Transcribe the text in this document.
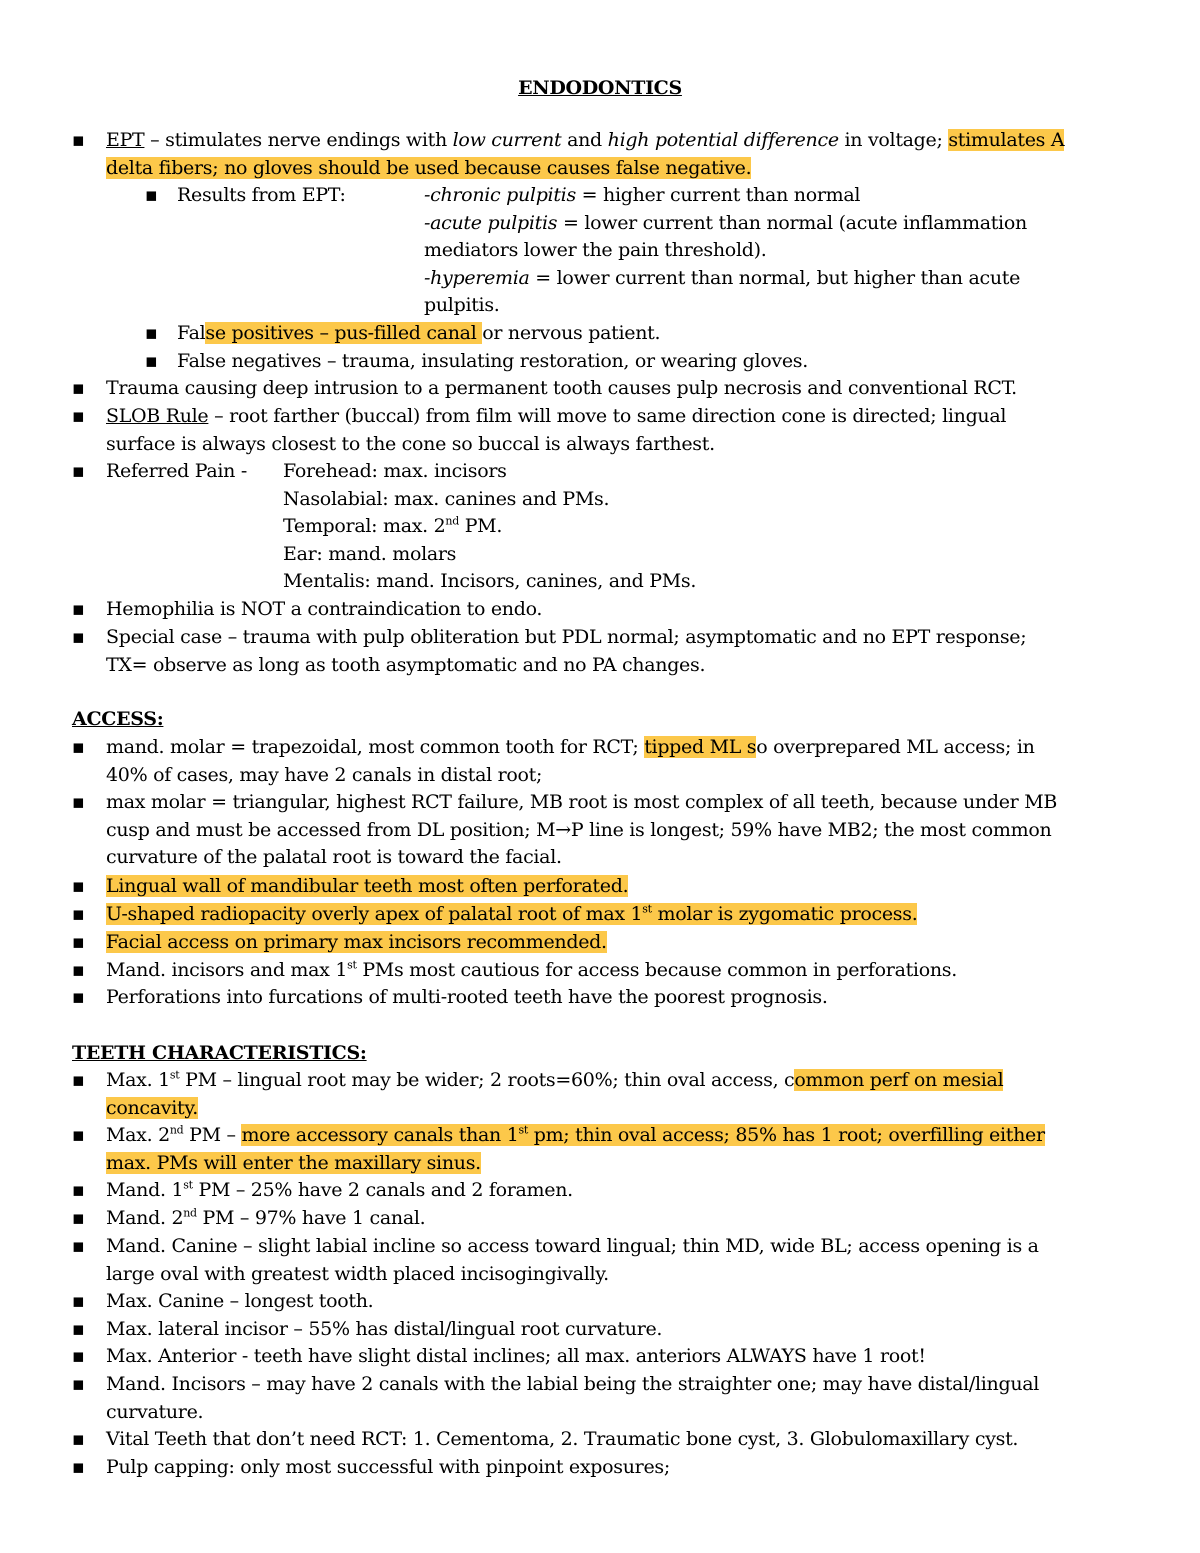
ENDODONTICS
▪	EPT – stimulates nerve endings with low current and high potential difference in voltage; stimulates A
delta fibers; no gloves should be used because causes false negative.
▪ Results from EPT:	-chronic pulpitis = higher current than normal
-acute pulpitis = lower current than normal (acute inflammation
mediators lower the pain threshold).
-hyperemia = lower current than normal, but higher than acute
pulpitis.
▪ False positives – pus-filled canal or nervous patient.
▪ False negatives – trauma, insulating restoration, or wearing gloves.
▪	Trauma causing deep intrusion to a permanent tooth causes pulp necrosis and conventional RCT.
▪	SLOB Rule – root farther (buccal) from film will move to same direction cone is directed; lingual
surface is always closest to the cone so buccal is always farthest.
▪	Referred Pain - Forehead: max. incisors
Nasolabial: max. canines and PMs.
Temporal: max. 2nd PM.
Ear: mand. molars
Mentalis: mand. Incisors, canines, and PMs.
▪	Hemophilia is NOT a contraindication to endo.
▪	Special case – trauma with pulp obliteration but PDL normal; asymptomatic and no EPT response;
TX= observe as long as tooth asymptomatic and no PA changes.
ACCESS:
▪	mand. molar = trapezoidal, most common tooth for RCT; tipped ML so overprepared ML access; in
40% of cases, may have 2 canals in distal root;
▪	max molar = triangular, highest RCT failure, MB root is most complex of all teeth, because under MB
cusp and must be accessed from DL position; M→P line is longest; 59% have MB2; the most common
curvature of the palatal root is toward the facial.
▪	Lingual wall of mandibular teeth most often perforated.
▪	U-shaped radiopacity overly apex of palatal root of max 1st molar is zygomatic process.
▪	Facial access on primary max incisors recommended.
▪	Mand. incisors and max 1st PMs most cautious for access because common in perforations.
▪	Perforations into furcations of multi-rooted teeth have the poorest prognosis.
TEETH CHARACTERISTICS:
▪	Max. 1st PM – lingual root may be wider; 2 roots=60%; thin oval access, common perf on mesial
concavity.
▪	Max. 2nd PM – more accessory canals than 1st pm; thin oval access; 85% has 1 root; overfilling either
max. PMs will enter the maxillary sinus.
▪	Mand. 1st PM – 25% have 2 canals and 2 foramen.
▪	Mand. 2nd PM – 97% have 1 canal.
▪	Mand. Canine – slight labial incline so access toward lingual; thin MD, wide BL; access opening is a
large oval with greatest width placed incisogingivally.
▪	Max. Canine – longest tooth.
▪	Max. lateral incisor – 55% has distal/lingual root curvature.
▪	Max. Anterior - teeth have slight distal inclines; all max. anteriors ALWAYS have 1 root!
▪	Mand. Incisors – may have 2 canals with the labial being the straighter one; may have distal/lingual
curvature.
▪	Vital Teeth that don’t need RCT: 1. Cementoma, 2. Traumatic bone cyst, 3. Globulomaxillary cyst.
▪	Pulp capping: only most successful with pinpoint exposures;
